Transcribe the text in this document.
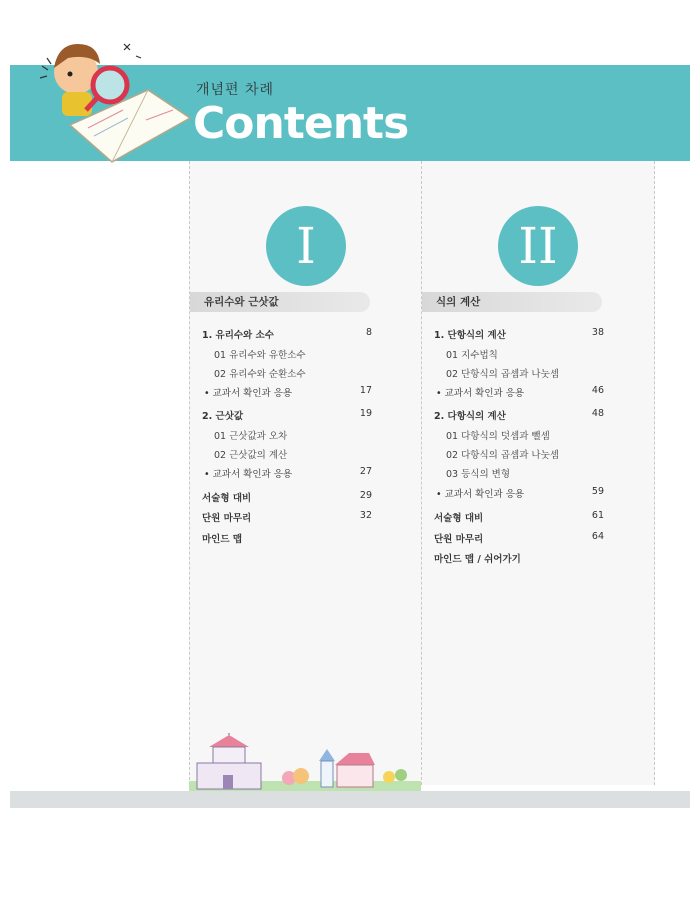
개념편 차례
Contents
I
유리수와 근삿값
1. 유리수와 소수	8
01 유리수와 유한소수
02 유리수와 순환소수
• 교과서 확인과 응용	17
2. 근삿값	19
01 근삿값과 오차
02 근삿값의 계산
• 교과서 확인과 응용	27
서술형 대비	29
단원 마무리	32
마인드 맵
II
식의 계산
1. 단항식의 계산	38
01 지수법칙
02 단항식의 곱셈과 나눗셈
• 교과서 확인과 응용	46
2. 다항식의 계산	48
01 다항식의 덧셈과 뺄셈
02 다항식의 곱셈과 나눗셈
03 등식의 변형
• 교과서 확인과 응용	59
서술형 대비	61
단원 마무리	64
마인드 맵 / 쉬어가기
